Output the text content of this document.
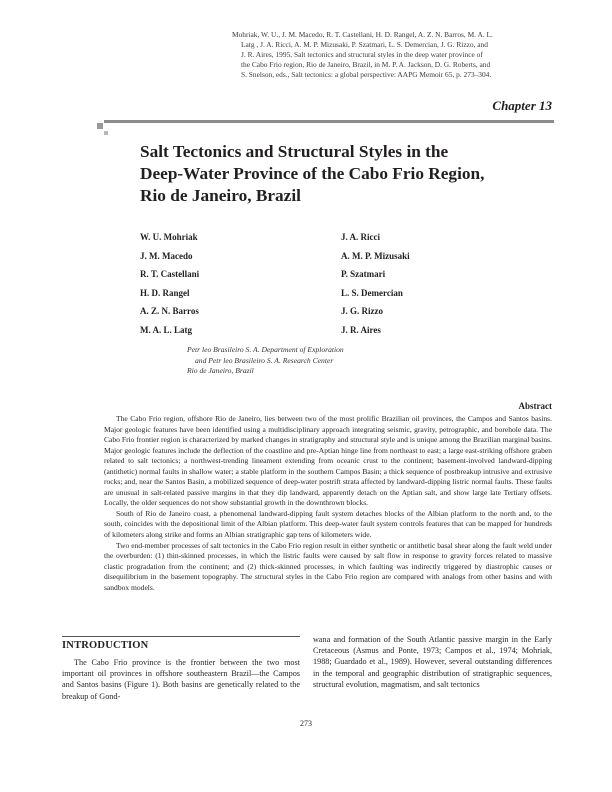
Mohriak, W. U., J. M. Macedo, R. T. Castellani, H. D. Rangel, A. Z. N. Barros, M. A. L.
Latg , J. A. Ricci, A. M. P. Mizusaki, P. Szatmari, L. S. Demercian, J. G. Rizzo, and
J. R. Aires, 1995, Salt tectonics and structural styles in the deep water province of
the Cabo Frio region, Rio de Janeiro, Brazil, in M. P. A. Jackson, D. G. Roberts, and
S. Snelson, eds., Salt tectonics: a global perspective: AAPG Memoir 65, p. 273–304.
Chapter 13
Salt Tectonics and Structural Styles in the
Deep-Water Province of the Cabo Frio Region,
Rio de Janeiro, Brazil
W. U. Mohriak
J. M. Macedo
R. T. Castellani
H. D. Rangel
A. Z. N. Barros
M. A. L. Latg
J. A. Ricci
A. M. P. Mizusaki
P. Szatmari
L. S. Demercian
J. G. Rizzo
J. R. Aires
Petr leo Brasileiro S. A. Department of Exploration
and Petr leo Brasileiro S. A. Research Center
Rio de Janeiro, Brazil
Abstract

The Cabo Frio region, offshore Rio de Janeiro, lies between two of the most prolific Brazilian oil provinces, the Campos and Santos basins. Major geologic features have been identified using a multidisciplinary approach integrating seismic, gravity, petrographic, and borehole data. The Cabo Frio frontier region is characterized by marked changes in stratigraphy and structural style and is unique among the Brazilian marginal basins. Major geologic features include the deflection of the coastline and pre-Aptian hinge line from northeast to east; a large east-striking offshore graben related to salt tectonics; a northwest-trending lineament extending from oceanic crust to the continent; basement-involved landward-dipping (antithetic) normal faults in shallow water; a stable platform in the southern Campos Basin; a thick sequence of postbreakup intrusive and extrusive rocks; and, near the Santos Basin, a mobilized sequence of deep-water postrift strata affected by landward-dipping listric normal faults. These faults are unusual in salt-related passive margins in that they dip landward, apparently detach on the Aptian salt, and show large late Tertiary offsets. Locally, the older sequences do not show substantial growth in the downthrown blocks.

South of Rio de Janeiro coast, a phenomenal landward-dipping fault system detaches blocks of the Albian platform to the north and, to the south, coincides with the depositional limit of the Albian platform. This deep-water fault system controls features that can be mapped for hundreds of kilometers along strike and forms an Albian stratigraphic gap tens of kilometers wide.

Two end-member processes of salt tectonics in the Cabo Frio region result in either synthetic or antithetic basal shear along the fault weld under the overburden: (1) thin-skinned processes, in which the listric faults were caused by salt flow in response to gravity forces related to massive clastic progradation from the continent; and (2) thick-skinned processes, in which faulting was indirectly triggered by diastrophic causes or disequilibrium in the basement topography. The structural styles in the Cabo Frio region are compared with analogs from other basins and with sandbox models.

INTRODUCTION

The Cabo Frio province is the frontier between the two most important oil provinces in offshore southeastern Brazil—the Campos and Santos basins (Figure 1). Both basins are genetically related to the breakup of Gond-

wana and formation of the South Atlantic passive margin in the Early Cretaceous (Asmus and Ponte, 1973; Campos et al., 1974; Mohriak, 1988; Guardado et al., 1989). However, several outstanding differences in the temporal and geographic distribution of stratigraphic sequences, structural evolution, magmatism, and salt tectonics

273
